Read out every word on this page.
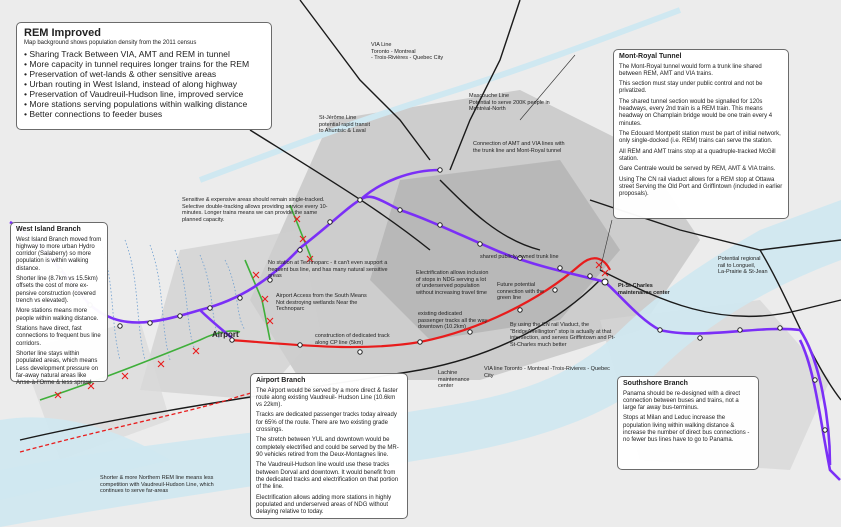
REM Improved

Map background shows population density from the 2011 census

• Sharing Track Between VIA, AMT and REM in tunnel
• More capacity in tunnel requires longer trains for the REM
• Preservation of wet-lands & other sensitive areas
• Urban routing in West Island, instead of along highway
• Preservation of Vaudreuil-Hudson line, improved service
• More stations serving populations within walking distance
• Better connections to feeder buses
Mont-Royal Tunnel

The Mont-Royal tunnel would form a trunk line shared between REM, AMT and VIA trains.

This section must stay under public control and not be privatized.

The shared tunnel section would be signalled for 120s headways, every 2nd train is a REM train. This means headway on Champlain bridge would be one train every 4 minutes.

The Edouard Montpetit station must be part of initial network, only single-docked (i.e. REM) trains can serve the station.

All REM and AMT trains stop at a quadruple-tracked McGill station.

Gare Centrale would be served by REM, AMT & VIA trains.

Using The CN rail viaduct allows for a REM stop at Ottawa street Serving the Old Port and Griffintown (included in earlier proposals).

West Island Branch

West Island Branch moved from highway to more urban Hydro corridor (Salaberry) so more population is within walking distance.

Shorter line (8.7km vs 15.5km) offsets the cost of more ex-pensive construction (covered trench vs elevated).

More stations means more people within walking distance.

Stations have direct, fast connections to frequent bus line corridors.

Shorter line stays within populated areas, which means Less development pressure on far-away natural areas like Anse-à-l'Orme & less sprawl.	Airport Branch

The Airport would be served by a more direct & faster route along existing Vaudreuil- Hudson Line (10.6km vs 22km).

Tracks are dedicated passenger tracks today already for 65% of the route. There are two existing grade crossings.

The stretch between YUL and downtown would be completely electrified and could be served by the MR-90 vehicles retired from the Deux-Montagnes line.

The Vaudreuil-Hudson line would use these tracks between Dorval and downtown. It would benefit from the dedicated tracks and electrification on that portion of the line.

Electrification allows adding more stations in highly populated and underserved areas of NDG without delaying relative to today.

Southshore Branch

Panama should be re-designed with a direct connection between buses and trains, not a large far away bus-terminus.

Stops at Milan and Leduc increase the population living within walking distance & increase the number of direct bus connections - no fewer bus lines have to go to Panama.

Sensitive & expensive areas should remain single-tracked. Selective double-tracking allows providing service every 10-minutes. Longer trains means we can provide the same planned capacity.
No station at Technoparc - it can't even support a frequent bus line, and has many natural sensitive areas
Airport Access from the South Means Not destroying wetlands Near the Technoparc
construction of dedicated track along CP line (5km)
existing dedicated passenger tracks all the way downtown (10.2km)
Electrification allows inclusion of stops in NDG serving a lot of underserved population without increasing travel time
Future potential connection with the green line
By using the CN rail Viaduct, the "Bridge/Wellington" stop is actually at that intersection, and serves Griffintown and Pt-St-Charles much better
Shorter & more Northern REM line means less competition with Vaudreuil-Hudson Line, which continues to serve far-areas
Connection of AMT and VIA lines with the trunk line and Mont-Royal tunnel
shared publicly-owned trunk line
Mascouche Line
Potential to serve 200K people in Montréal-North
St-Jérôme Line
potential rapid transit
to Ahuntsic & Laval
VIA Line
Toronto - Montreal
- Trois-Rivières - Quebec City
VIA line Toronto - Montreal -Trois-Rivieres - Quebec City
Lachine
maintenance
center
Pt-St-Charles
maintenance center
Potential regional
rail to Longueil,
La-Prairie & St-Jean
Airport
